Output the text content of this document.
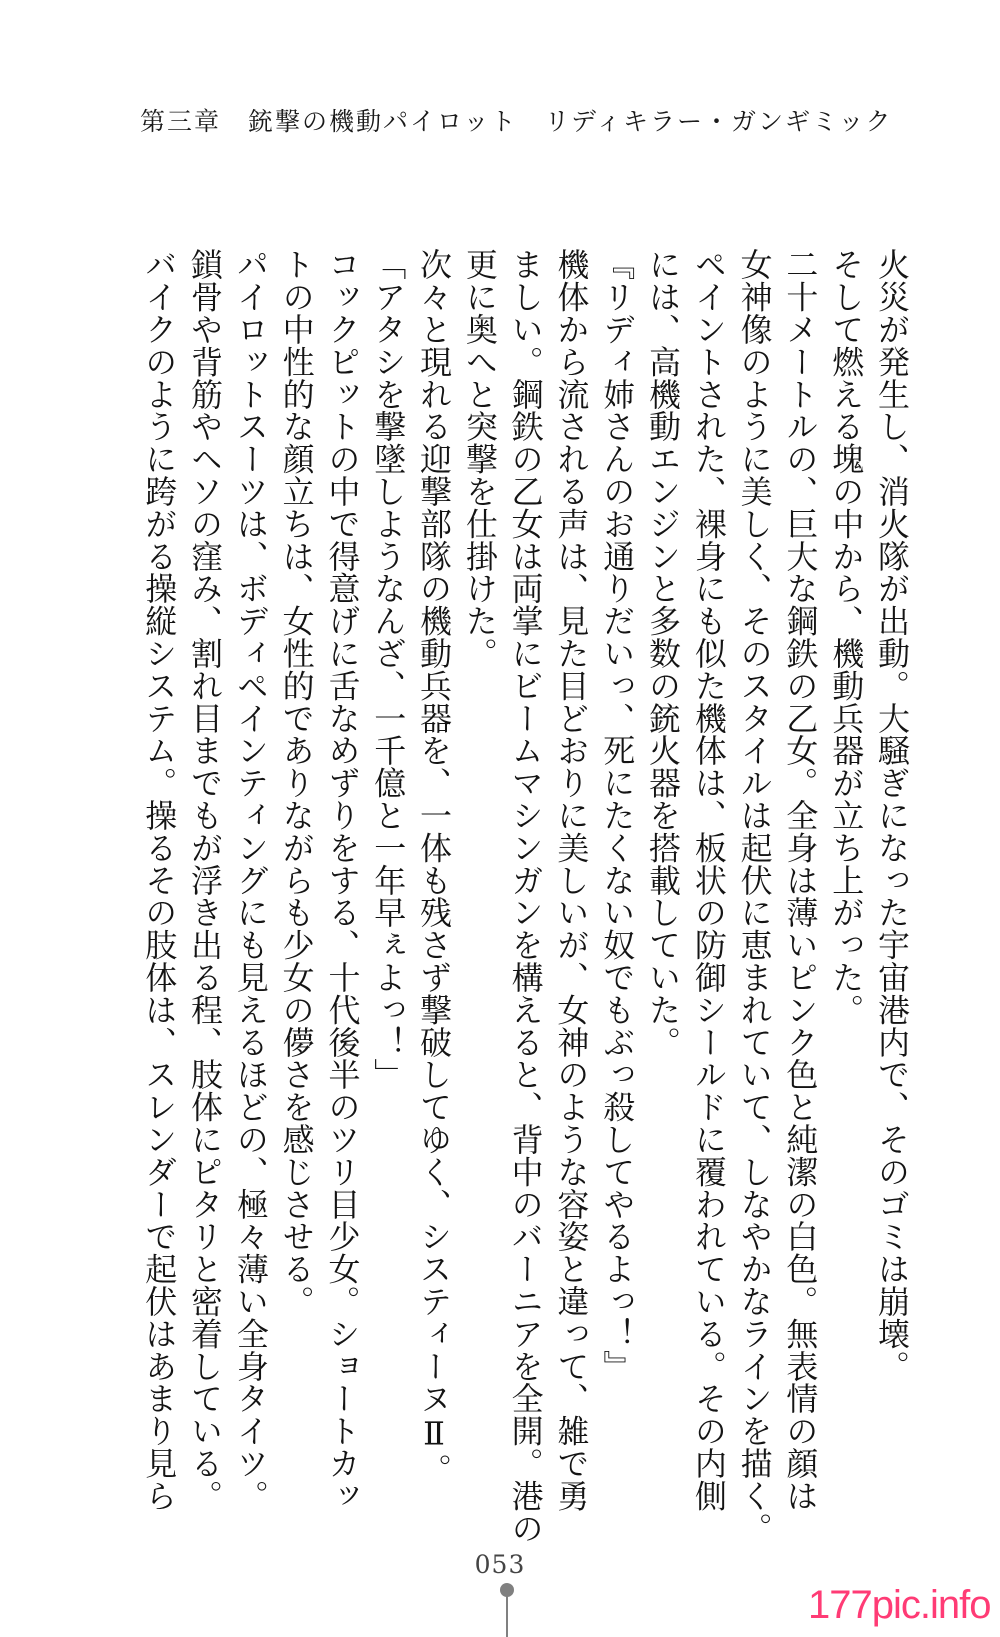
第三章　銃撃の機動パイロット　リディキラー・ガンギミック

火災が発生し、消火隊が出動。大騒ぎになった宇宙港内で、そのゴミは崩壊。

そして燃える塊の中から、機動兵器が立ち上がった。

二十メートルの、巨大な鋼鉄の乙女。全身は薄いピンク色と純潔の白色。無表情の顔は

女神像のように美しく、そのスタイルは起伏に恵まれていて、しなやかなラインを描く。

ペイントされた、裸身にも似た機体は、板状の防御シールドに覆われている。その内側

には、高機動エンジンと多数の銃火器を搭載していた。

『リディ姉さんのお通りだいっ、死にたくない奴でもぶっ殺してやるよっ！』

機体から流される声は、見た目どおりに美しいが、女神のような容姿と違って、雑で勇

ましい。鋼鉄の乙女は両掌にビームマシンガンを構えると、背中のバーニアを全開。港の

更に奥へと突撃を仕掛けた。

次々と現れる迎撃部隊の機動兵器を、一体も残さず撃破してゆく、システィーヌⅡ。

「アタシを撃墜しようなんざ、一千億と一年早ぇよっ！」

コックピットの中で得意げに舌なめずりをする、十代後半のツリ目少女。ショートカッ

トの中性的な顔立ちは、女性的でありながらも少女の儚さを感じさせる。

パイロットスーツは、ボディペインティングにも見えるほどの、極々薄い全身タイツ。

鎖骨や背筋やヘソの窪み、割れ目までもが浮き出る程、肢体にピタリと密着している。

バイクのように跨がる操縦システム。操るその肢体は、スレンダーで起伏はあまり見ら

053
177pic.info
